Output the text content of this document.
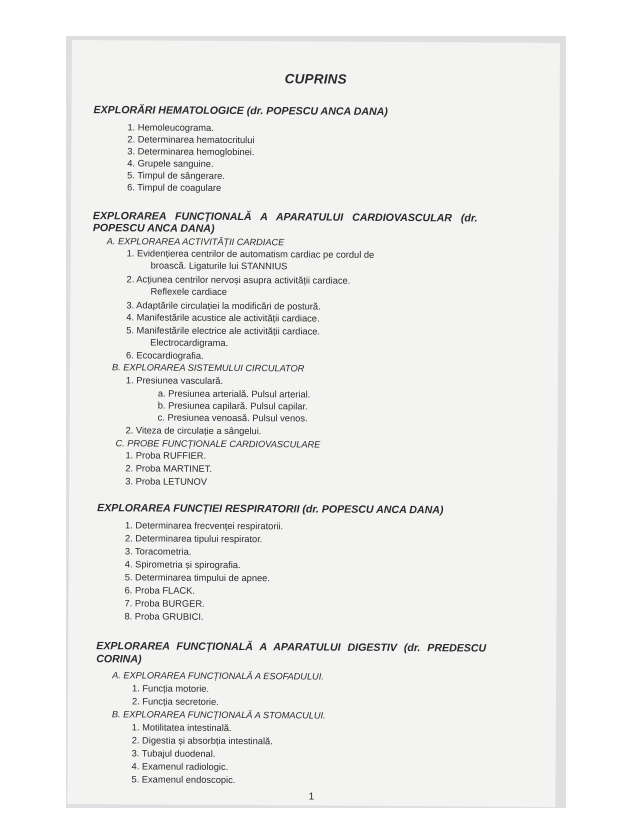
CUPRINS
EXPLORĂRI HEMATOLOGICE (dr. POPESCU ANCA DANA)
1. Hemoleucograma.
2. Determinarea hematocritului
3. Determinarea hemoglobinei.
4. Grupele sanguine.
5. Timpul de sângerare.
6. Timpul de coagulare
EXPLORAREA FUNCȚIONALĂ A APARATULUI CARDIOVASCULAR (dr.
POPESCU ANCA DANA)
A. EXPLORAREA ACTIVITĂȚII CARDIACE
1. Evidențierea centrilor de automatism cardiac pe cordul de
broască. Ligaturile lui STANNIUS
2. Acțiunea centrilor nervoși asupra activității cardiace.
Reflexele cardiace
3. Adaptările circulației la modificări de postură.
4. Manifestările acustice ale activității cardiace.
5. Manifestările electrice ale activității cardiace.
Electrocardigrama.
6. Ecocardiografia.
B. EXPLORAREA SISTEMULUI CIRCULATOR
1. Presiunea vasculară.
a. Presiunea arterială. Pulsul arterial.
b. Presiunea capilară. Pulsul capilar.
c. Presiunea venoasă. Pulsul venos.
2. Viteza de circulație a sângelui.
C. PROBE FUNCȚIONALE CARDIOVASCULARE
1. Proba RUFFIER.
2. Proba MARTINET.
3. Proba LETUNOV
EXPLORAREA FUNCȚIEI RESPIRATORII (dr. POPESCU ANCA DANA)
1. Determinarea frecvenței respiratorii.
2. Determinarea tipului respirator.
3. Toracometria.
4. Spirometria și spirografia.
5. Determinarea timpului de apnee.
6. Proba FLACK.
7. Proba BURGER.
8. Proba GRUBICI.
EXPLORAREA FUNCȚIONALĂ A APARATULUI DIGESTIV (dr. PREDESCU
CORINA)
A. EXPLORAREA FUNCȚIONALĂ A ESOFADULUI.
1. Funcția motorie.
2. Funcția secretorie.
B. EXPLORAREA FUNCȚIONALĂ A STOMACULUI.
1. Motilitatea intestinală.
2. Digestia și absorbția intestinală.
3. Tubajul duodenal.
4. Examenul radiologic.
5. Examenul endoscopic.
1
